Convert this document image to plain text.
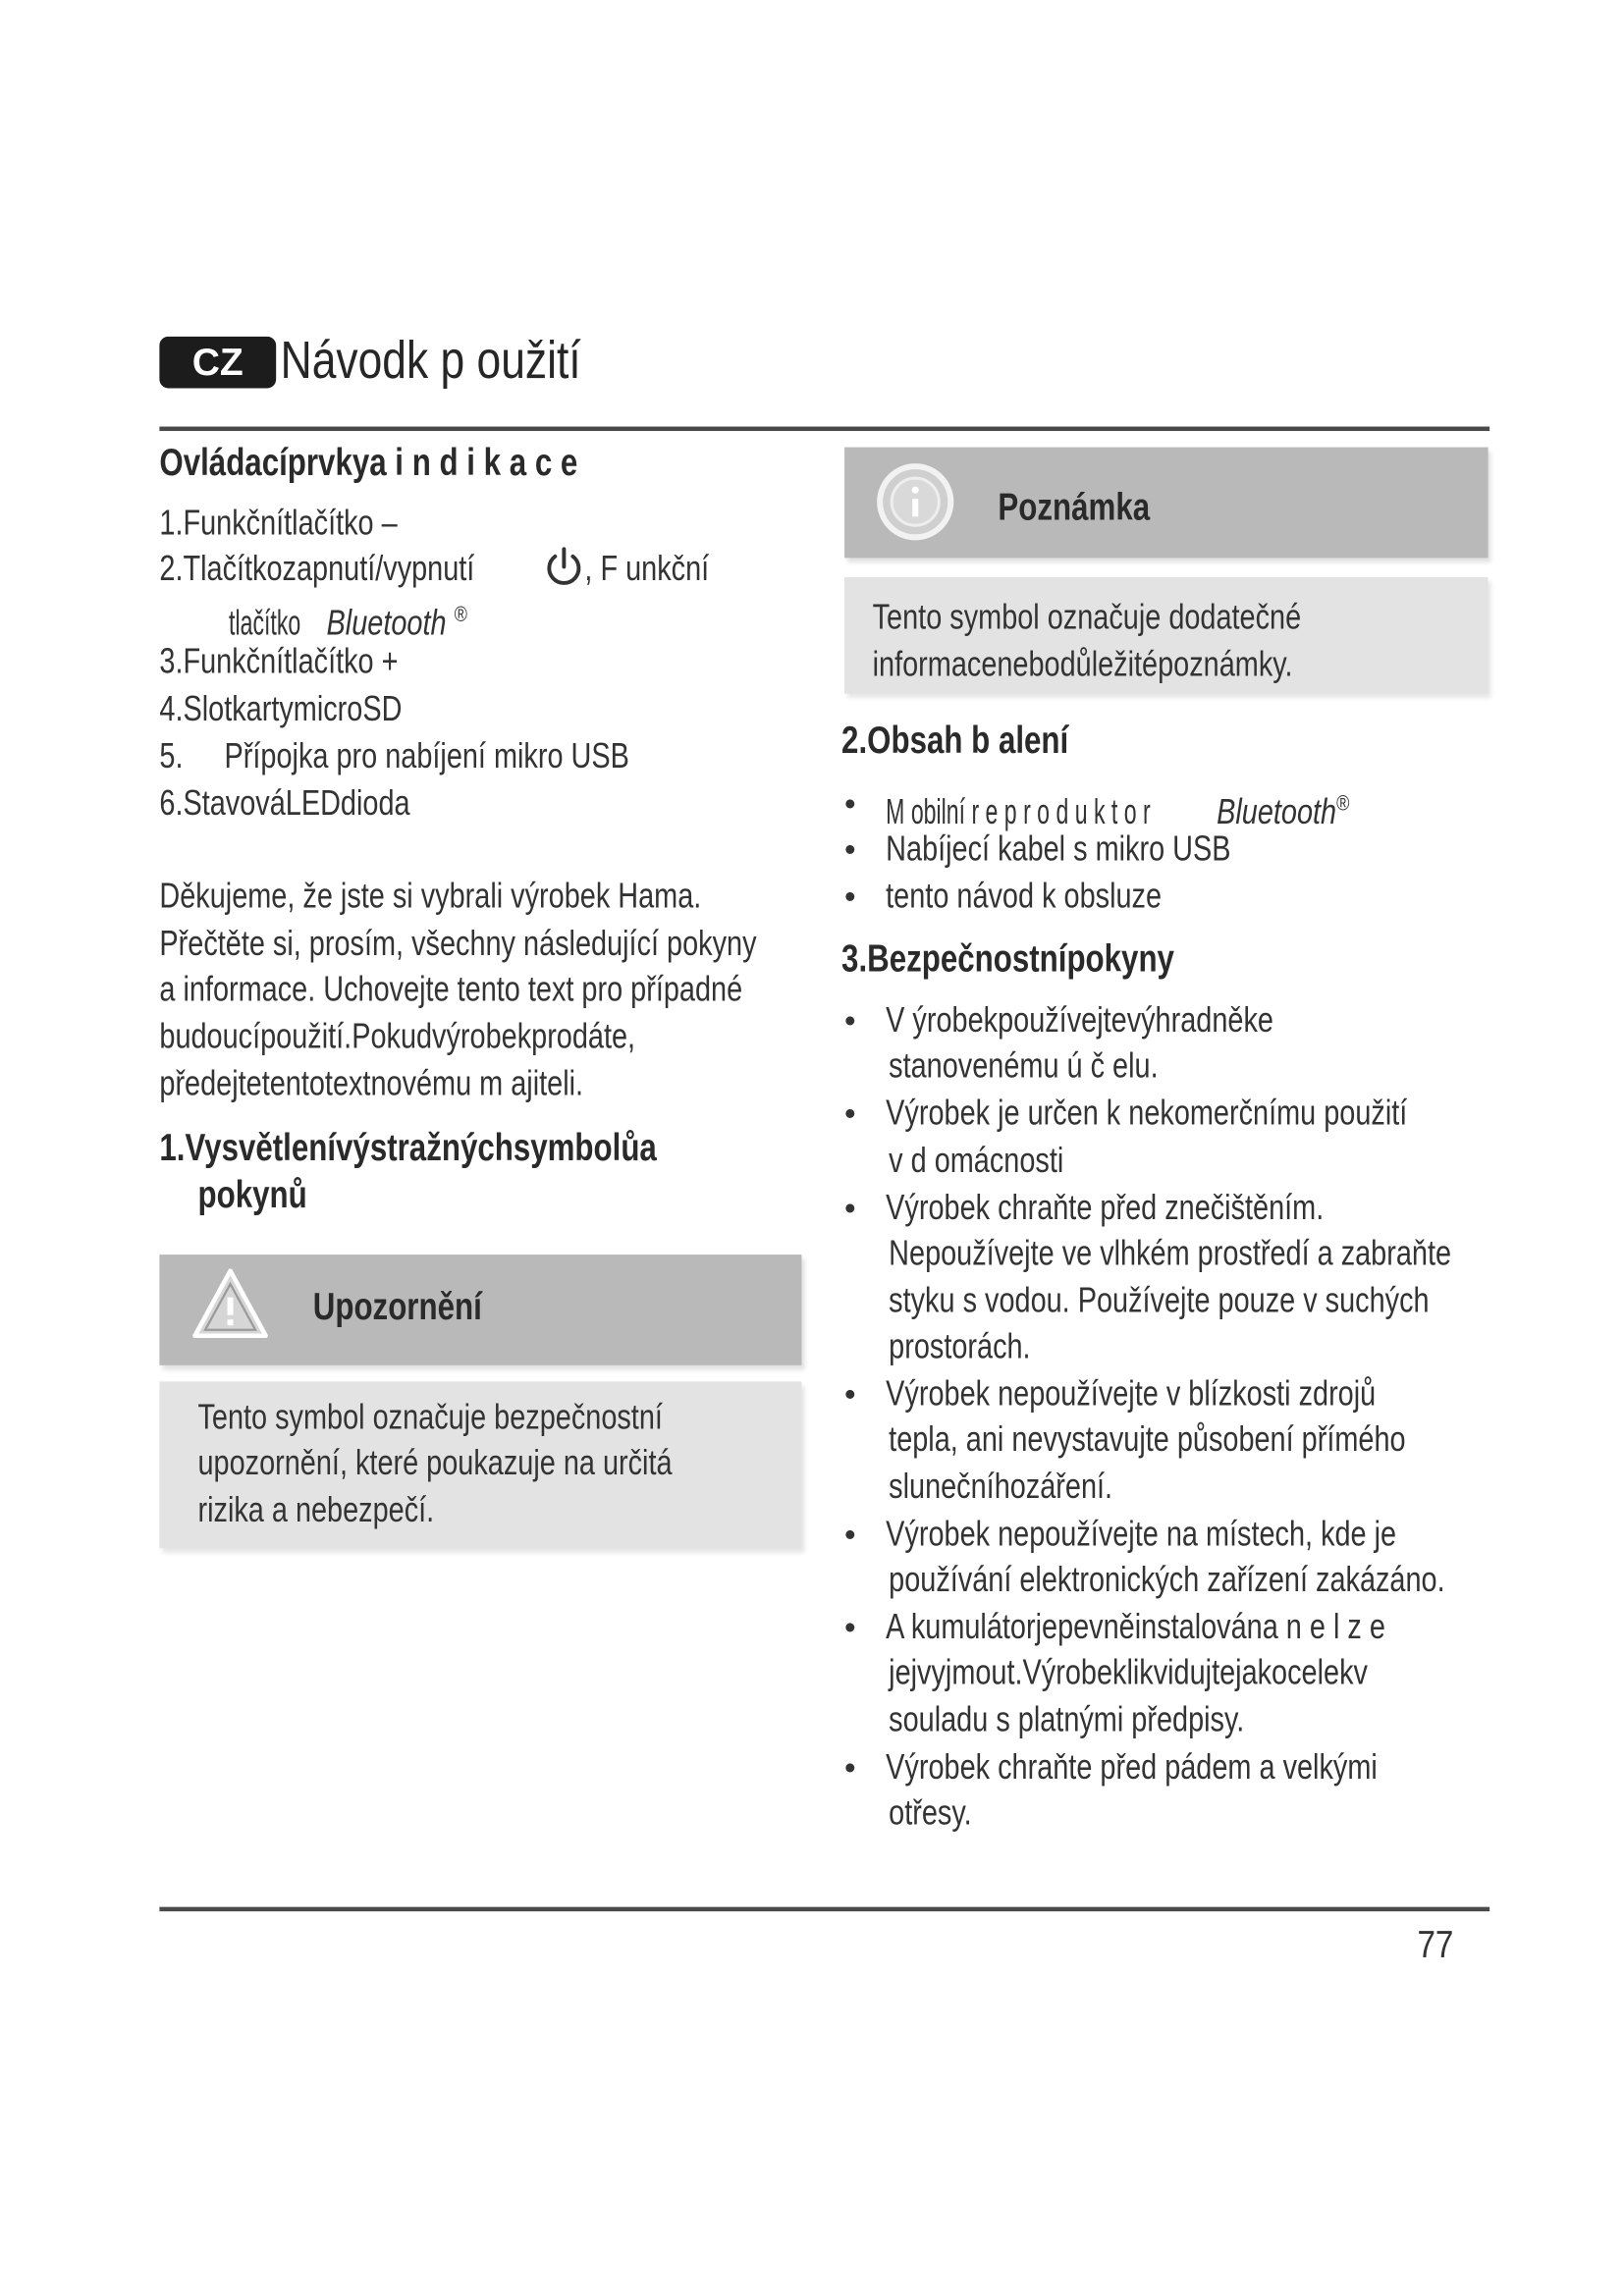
CZ	Návodk p oužití
Ovládacíprvkya i n d i k a c e
1.Funkčnítlačítko –
2.Tlačítkozapnutí/vypnutí	, F unkční
tlačítko Bluetooth ®
3.Funkčnítlačítko +
4.SlotkartymicroSD
5. Přípojka pro nabíjení mikro USB
6.StavováLEDdioda
Děkujeme, že jste si vybrali výrobek Hama.
Přečtěte si, prosím, všechny následující pokyny
a informace. Uchovejte tento text pro případné
budoucípoužití.Pokudvýrobekprodáte,
předejtetentotextnovému m ajiteli.
1.Vysvětlenívýstražnýchsymbolůa
pokynů
Upozornění
Tento symbol označuje bezpečnostní
upozornění, které poukazuje na určitá
rizika a nebezpečí.
Poznámka
Tento symbol označuje dodatečné
informacenebodůležitépoznámky.
2.Obsah b alení
• M obilní r e p r o d u k t o r	Bluetooth®
• Nabíjecí kabel s mikro USB
• tento návod k obsluze
3.Bezpečnostnípokyny
• V ýrobekpoužívejtevýhradněke
stanovenému ú č elu.
• Výrobek je určen k nekomerčnímu použití
v d omácnosti
• Výrobek chraňte před znečištěním.
Nepoužívejte ve vlhkém prostředí a zabraňte
styku s vodou. Používejte pouze v suchých
prostorách.
• Výrobek nepoužívejte v blízkosti zdrojů
tepla, ani nevystavujte působení přímého
slunečníhozáření.
• Výrobek nepoužívejte na místech, kde je
používání elektronických zařízení zakázáno.
• A kumulátorjepevněinstalována n e l z e
jejvyjmout.Výrobeklikvidujtejakocelekv
souladu s platnými předpisy.
• Výrobek chraňte před pádem a velkými
otřesy.
77
